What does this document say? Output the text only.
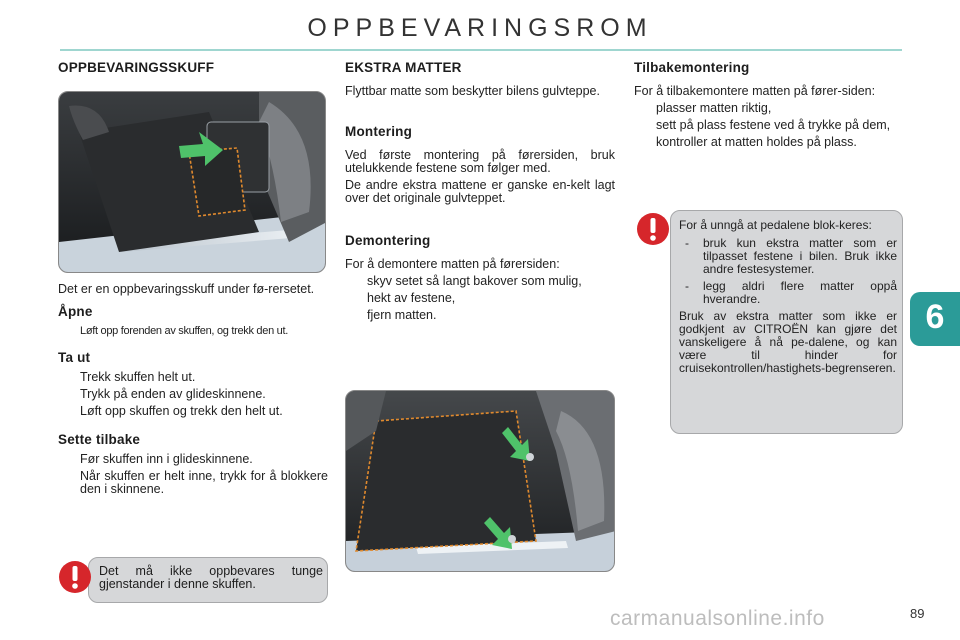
OPPBEVARINGSROM
OPPBEVARINGSSKUFF

Det er en oppbevaringsskuff under fø-rersetet.

Åpne
Løft opp forenden av skuffen, og trekk den ut.
Ta ut
Trekk skuffen helt ut.
Trykk på enden av glideskinnene.
Løft opp skuffen og trekk den helt ut.
Sette tilbake
Før skuffen inn i glideskinnene.
Når skuffen er helt inne, trykk for å blokkere den i skinnene.

Det må ikke oppbevares tunge gjenstander i denne skuffen.

EKSTRA MATTER

Flyttbar matte som beskytter bilens gulvteppe.

Montering

Ved første montering på førersiden, bruk utelukkende festene som følger med.

De andre ekstra mattene er ganske en-kelt lagt over det originale gulvteppet.

Demontering

For å demontere matten på førersiden:

skyv setet så langt bakover som mulig,
hekt av festene,
fjern matten.
Tilbakemontering

For å tilbakemontere matten på fører-siden:

plasser matten riktig,
sett på plass festene ved å trykke på dem,
kontroller at matten holdes på plass.

For å unngå at pedalene blok-keres:

- bruk kun ekstra matter som er tilpasset festene i bilen. Bruk ikke andre festesystemer.
- legg aldri flere matter oppå hverandre.

Bruk av ekstra matter som ikke er godkjent av CITROËN kan gjøre det vanskeligere å nå pe-dalene, og kan være til hinder for cruisekontrollen/hastighets-begrenseren.

6
carmanualsonline.info	89
